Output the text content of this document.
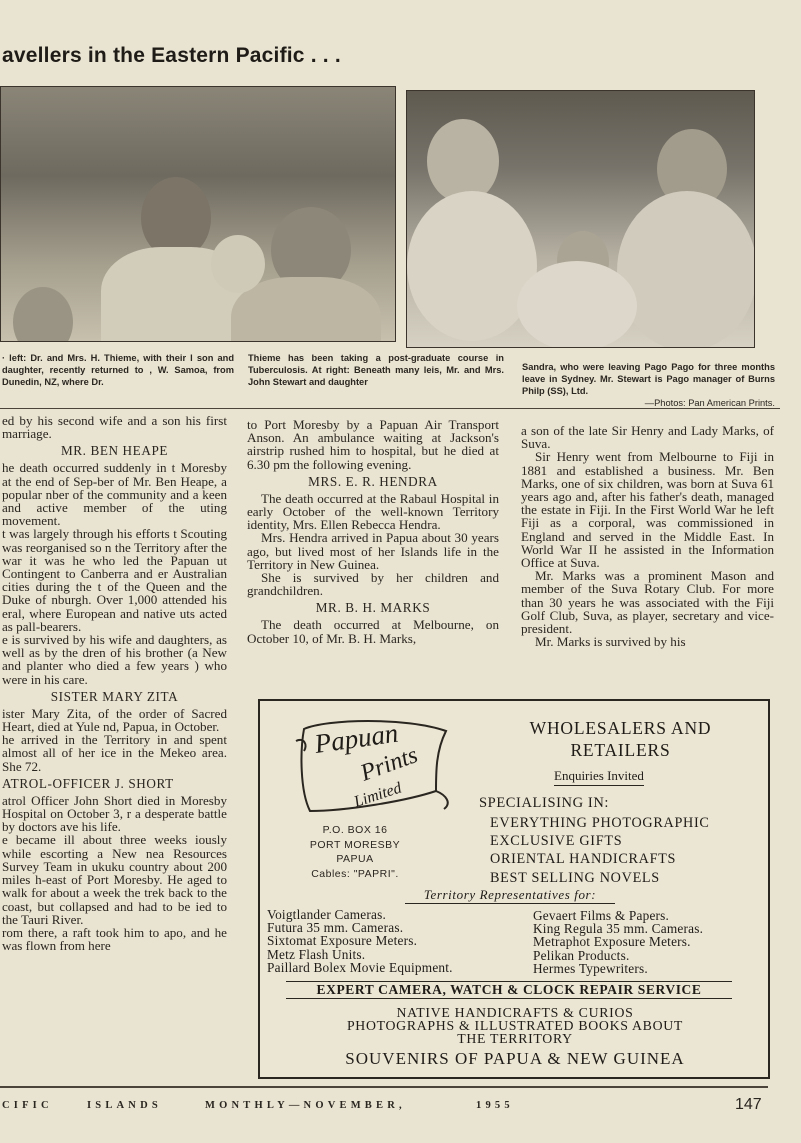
avellers in the Eastern Pacific . . .
· left: Dr. and Mrs. H. Thieme, with their l son and daughter, recently returned to , W. Samoa, from Dunedin, NZ, where Dr.
Thieme has been taking a post-graduate course in Tuberculosis. At right: Beneath many leis, Mr. and Mrs. John Stewart and daughter
Sandra, who were leaving Pago Pago for three months leave in Sydney. Mr. Stewart is Pago manager of Burns Philp (SS), Ltd.
—Photos: Pan American Prints.

ed by his second wife and a son his first marriage.

MR. BEN HEAPE

he death occurred suddenly in t Moresby at the end of Sep-ber of Mr. Ben Heape, a popular nber of the community and a keen and active member of the uting movement.

t was largely through his efforts t Scouting was reorganised so n the Territory after the war it was he who led the Papuan ut Contingent to Canberra and er Australian cities during the t of the Queen and the Duke of nburgh. Over 1,000 attended his eral, where European and native uts acted as pall-bearers.

e is survived by his wife and daughters, as well as by the dren of his brother (a New and planter who died a few years ) who were in his care.

SISTER MARY ZITA

ister Mary Zita, of the order of Sacred Heart, died at Yule nd, Papua, in October.

he arrived in the Territory in and spent almost all of her ice in the Mekeo area. She 72.

ATROL-OFFICER J. SHORT

atrol Officer John Short died in Moresby Hospital on October 3, r a desperate battle by doctors ave his life.

e became ill about three weeks iously while escorting a New nea Resources Survey Team in ukuku country about 200 miles h-east of Port Moresby. He aged to walk for about a week the trek back to the coast, but collapsed and had to be ied to the Tauri River.

rom there, a raft took him to apo, and he was flown from here

to Port Moresby by a Papuan Air Transport Anson. An ambulance waiting at Jackson's airstrip rushed him to hospital, but he died at 6.30 pm the following evening.

MRS. E. R. HENDRA

The death occurred at the Rabaul Hospital in early October of the well-known Territory identity, Mrs. Ellen Rebecca Hendra.

Mrs. Hendra arrived in Papua about 30 years ago, but lived most of her Islands life in the Territory in New Guinea.

She is survived by her children and grandchildren.

MR. B. H. MARKS

The death occurred at Melbourne, on October 10, of Mr. B. H. Marks,

a son of the late Sir Henry and Lady Marks, of Suva.

Sir Henry went from Melbourne to Fiji in 1881 and established a business. Mr. Ben Marks, one of six children, was born at Suva 61 years ago and, after his father's death, managed the estate in Fiji. In the First World War he left Fiji as a corporal, was commissioned in England and served in the Middle East. In World War II he assisted in the Information Office at Suva.

Mr. Marks was a prominent Mason and member of the Suva Rotary Club. For more than 30 years he was associated with the Fiji Golf Club, Suva, as player, secretary and vice-president.

Mr. Marks is survived by his

Papuan
Prints
Limited
P.O. BOX 16
PORT MORESBY
PAPUA
Cables: "PAPRI".
WHOLESALERS AND
RETAILERS
Enquiries Invited
SPECIALISING IN:
EVERYTHING PHOTOGRAPHIC
EXCLUSIVE GIFTS
ORIENTAL HANDICRAFTS
BEST SELLING NOVELS
Territory Representatives for:
Voigtlander Cameras.
Futura 35 mm. Cameras.
Sixtomat Exposure Meters.
Metz Flash Units.
Paillard Bolex Movie Equipment.
Gevaert Films & Papers.
King Regula 35 mm. Cameras.
Metraphot Exposure Meters.
Pelikan Products.
Hermes Typewriters.
EXPERT CAMERA, WATCH & CLOCK REPAIR SERVICE
NATIVE HANDICRAFTS & CURIOS
PHOTOGRAPHS & ILLUSTRATED BOOKS ABOUT
THE TERRITORY
SOUVENIRS OF PAPUA & NEW GUINEA
CIFIC	ISLANDS	MONTHLY—NOVEMBER,	1955	147
